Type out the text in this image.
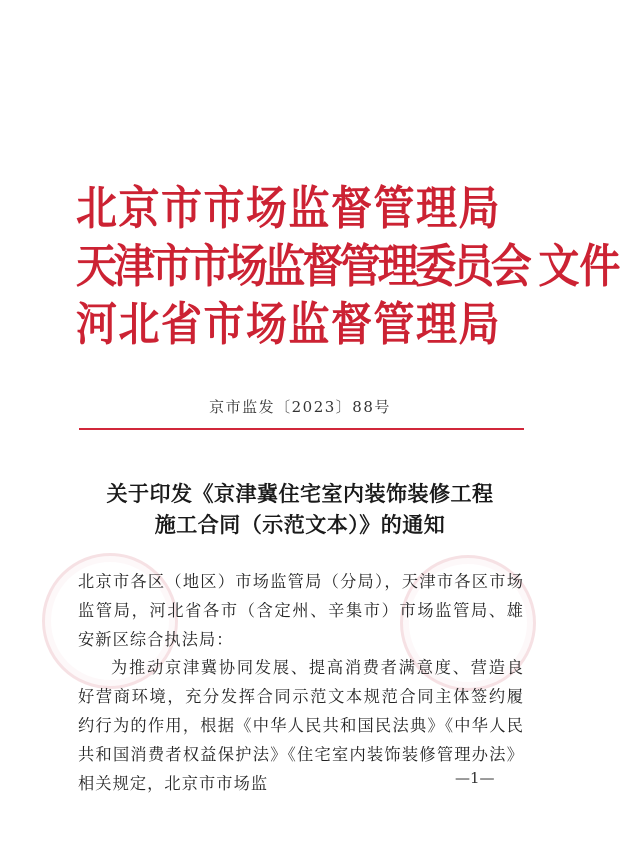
北京市市场监督管理局
天津市市场监督管理委员会 文件
河北省市场监督管理局
京市监发〔2023〕88号
关于印发《京津冀住宅室内装饰装修工程
施工合同（示范文本）》的通知

北京市各区（地区）市场监管局（分局），天津市各区市场监管局，河北省各市（含定州、辛集市）市场监管局、雄安新区综合执法局：

为推动京津冀协同发展、提高消费者满意度、营造良好营商环境，充分发挥合同示范文本规范合同主体签约履约行为的作用，根据《中华人民共和国民法典》《中华人民共和国消费者权益保护法》《住宅室内装饰装修管理办法》相关规定，北京市市场监	—1—
